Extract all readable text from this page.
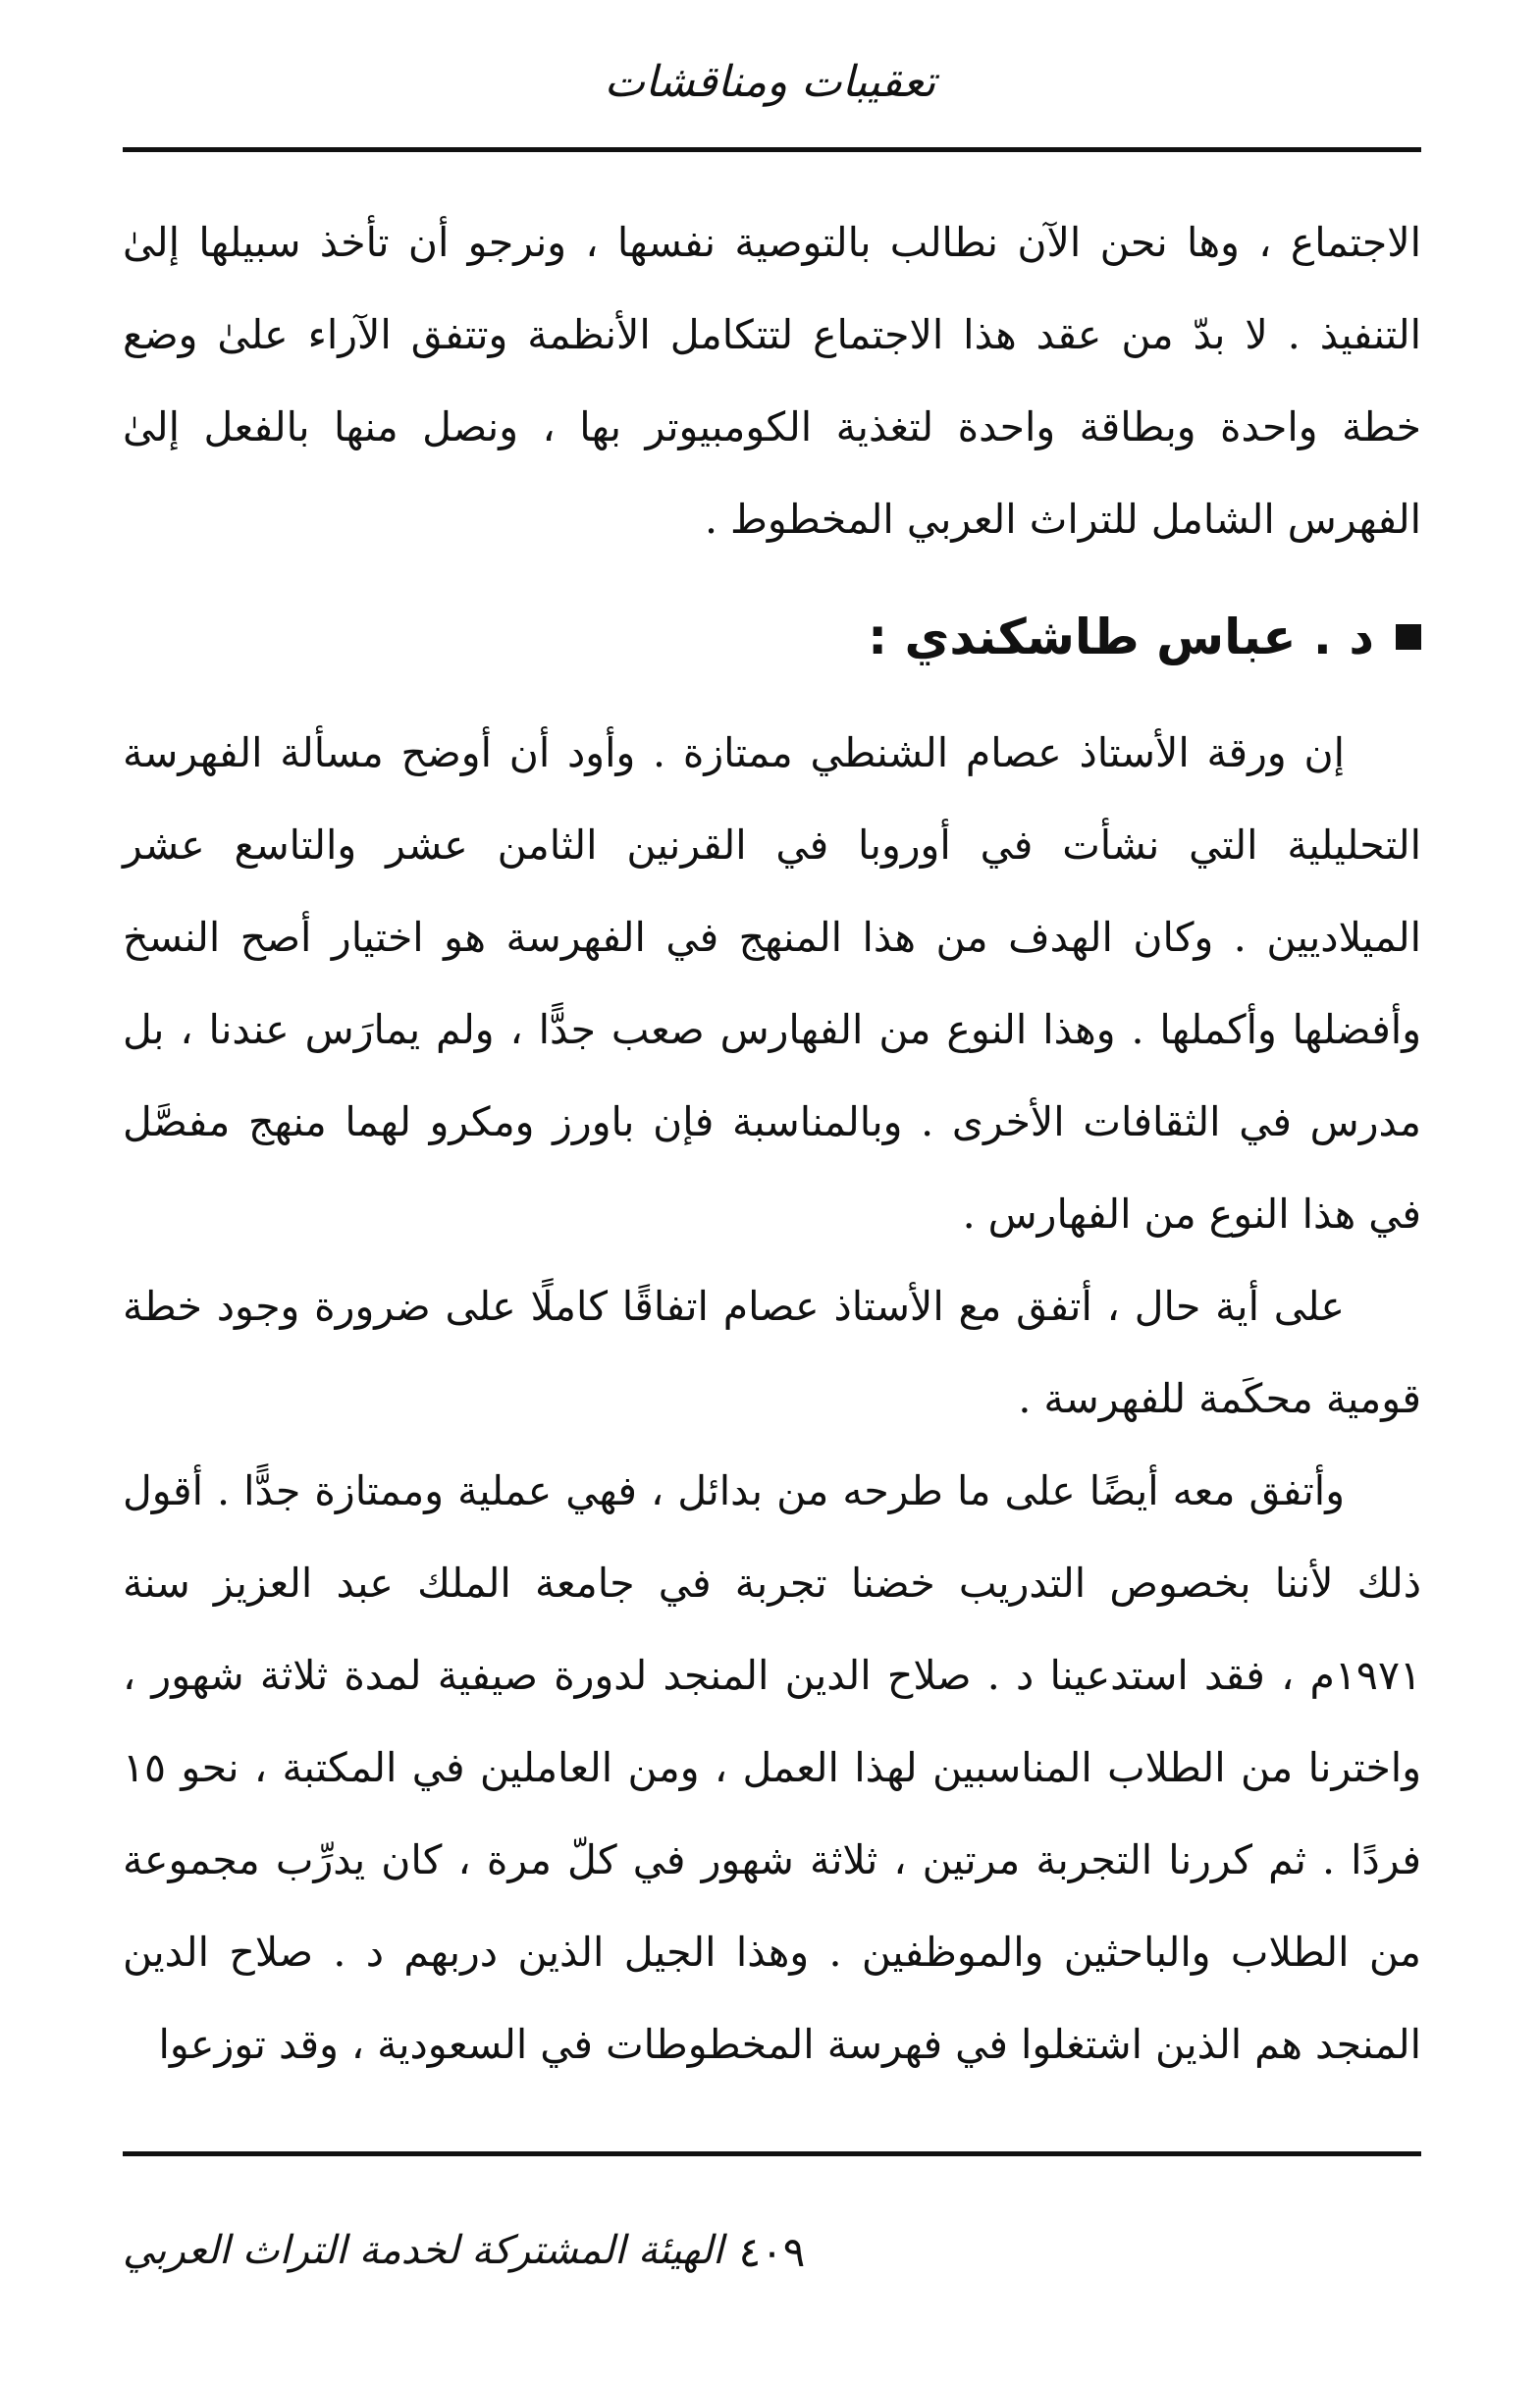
تعقيبات ومناقشات

الاجتماع ، وها نحن الآن نطالب بالتوصية نفسها ، ونرجو أن تأخذ سبيلها إلىٰ التنفيذ . لا بدّ من عقد هذا الاجتماع لتتكامل الأنظمة وتتفق الآراء علىٰ وضع خطة واحدة وبطاقة واحدة لتغذية الكومبيوتر بها ، ونصل منها بالفعل إلىٰ الفهرس الشامل للتراث العربي المخطوط .

د . عباس طاشكندي :

إن ورقة الأستاذ عصام الشنطي ممتازة . وأود أن أوضح مسألة الفهرسة التحليلية التي نشأت في أوروبا في القرنين الثامن عشر والتاسع عشر الميلاديين . وكان الهدف من هذا المنهج في الفهرسة هو اختيار أصح النسخ وأفضلها وأكملها . وهذا النوع من الفهارس صعب جدًّا ، ولم يمارَس عندنا ، بل مدرس في الثقافات الأخرى . وبالمناسبة فإن باورز ومكرو لهما منهج مفصَّل في هذا النوع من الفهارس .

على أية حال ، أتفق مع الأستاذ عصام اتفاقًا كاملًا على ضرورة وجود خطة قومية محكَمة للفهرسة .

وأتفق معه أيضًا على ما طرحه من بدائل ، فهي عملية وممتازة جدًّا . أقول ذلك لأننا بخصوص التدريب خضنا تجربة في جامعة الملك عبد العزيز سنة ١٩٧١م ، فقد استدعينا د . صلاح الدين المنجد لدورة صيفية لمدة ثلاثة شهور ، واخترنا من الطلاب المناسبين لهذا العمل ، ومن العاملين في المكتبة ، نحو ١٥ فردًا . ثم كررنا التجربة مرتين ، ثلاثة شهور في كلّ مرة ، كان يدرِّب مجموعة من الطلاب والباحثين والموظفين . وهذا الجيل الذين دربهم د . صلاح الدين المنجد هم الذين اشتغلوا في فهرسة المخطوطات في السعودية ، وقد توزعوا

٤٠٩
الهيئة المشتركة لخدمة التراث العربي
